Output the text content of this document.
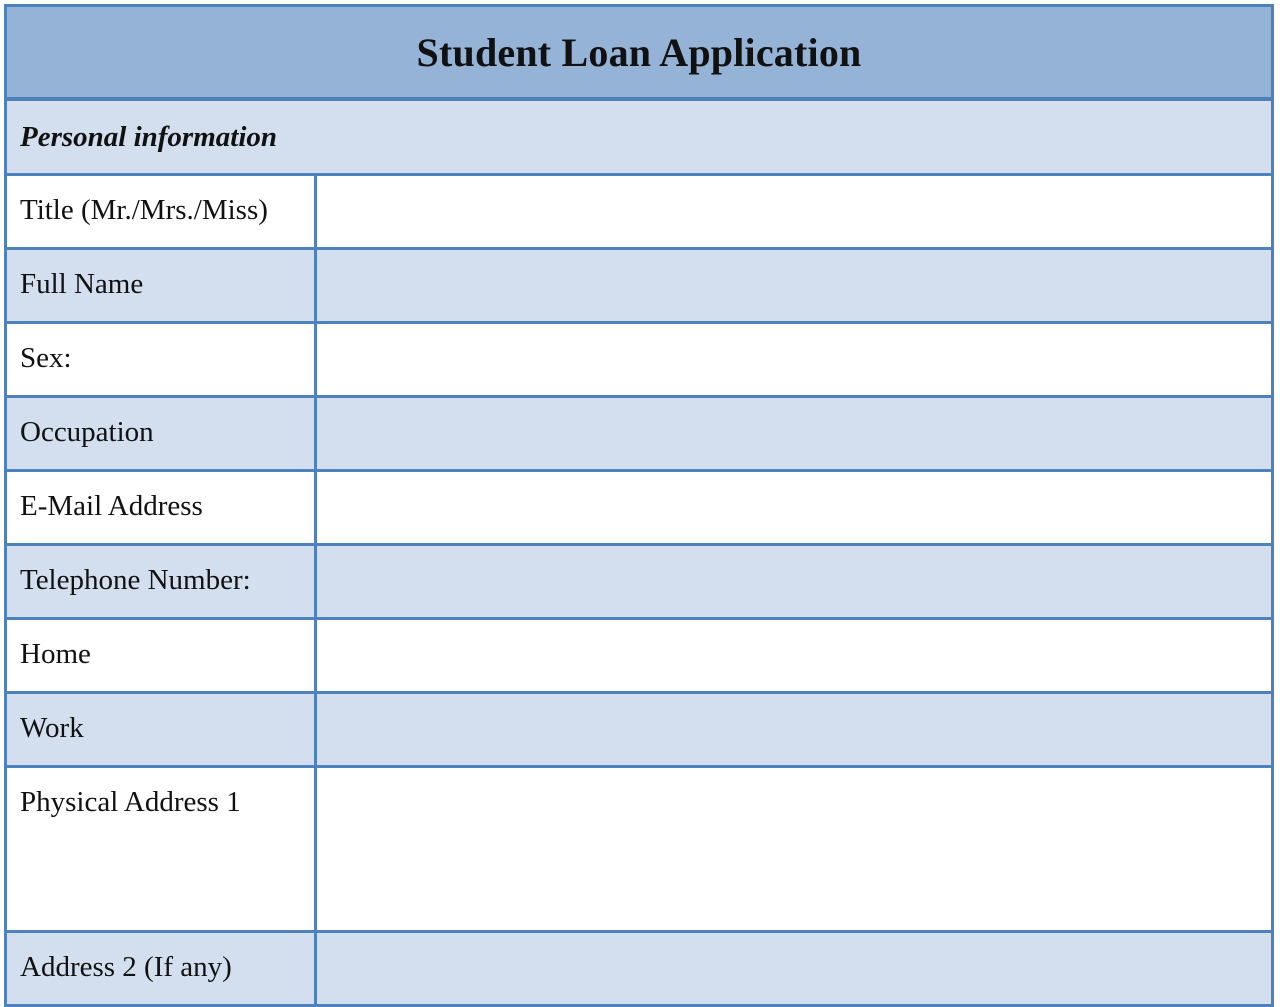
Student Loan Application
Personal information
Title (Mr./Mrs./Miss)
Full Name
Sex:
Occupation
E-Mail Address
Telephone Number:
Home
Work
Physical Address 1
Address 2 (If any)
